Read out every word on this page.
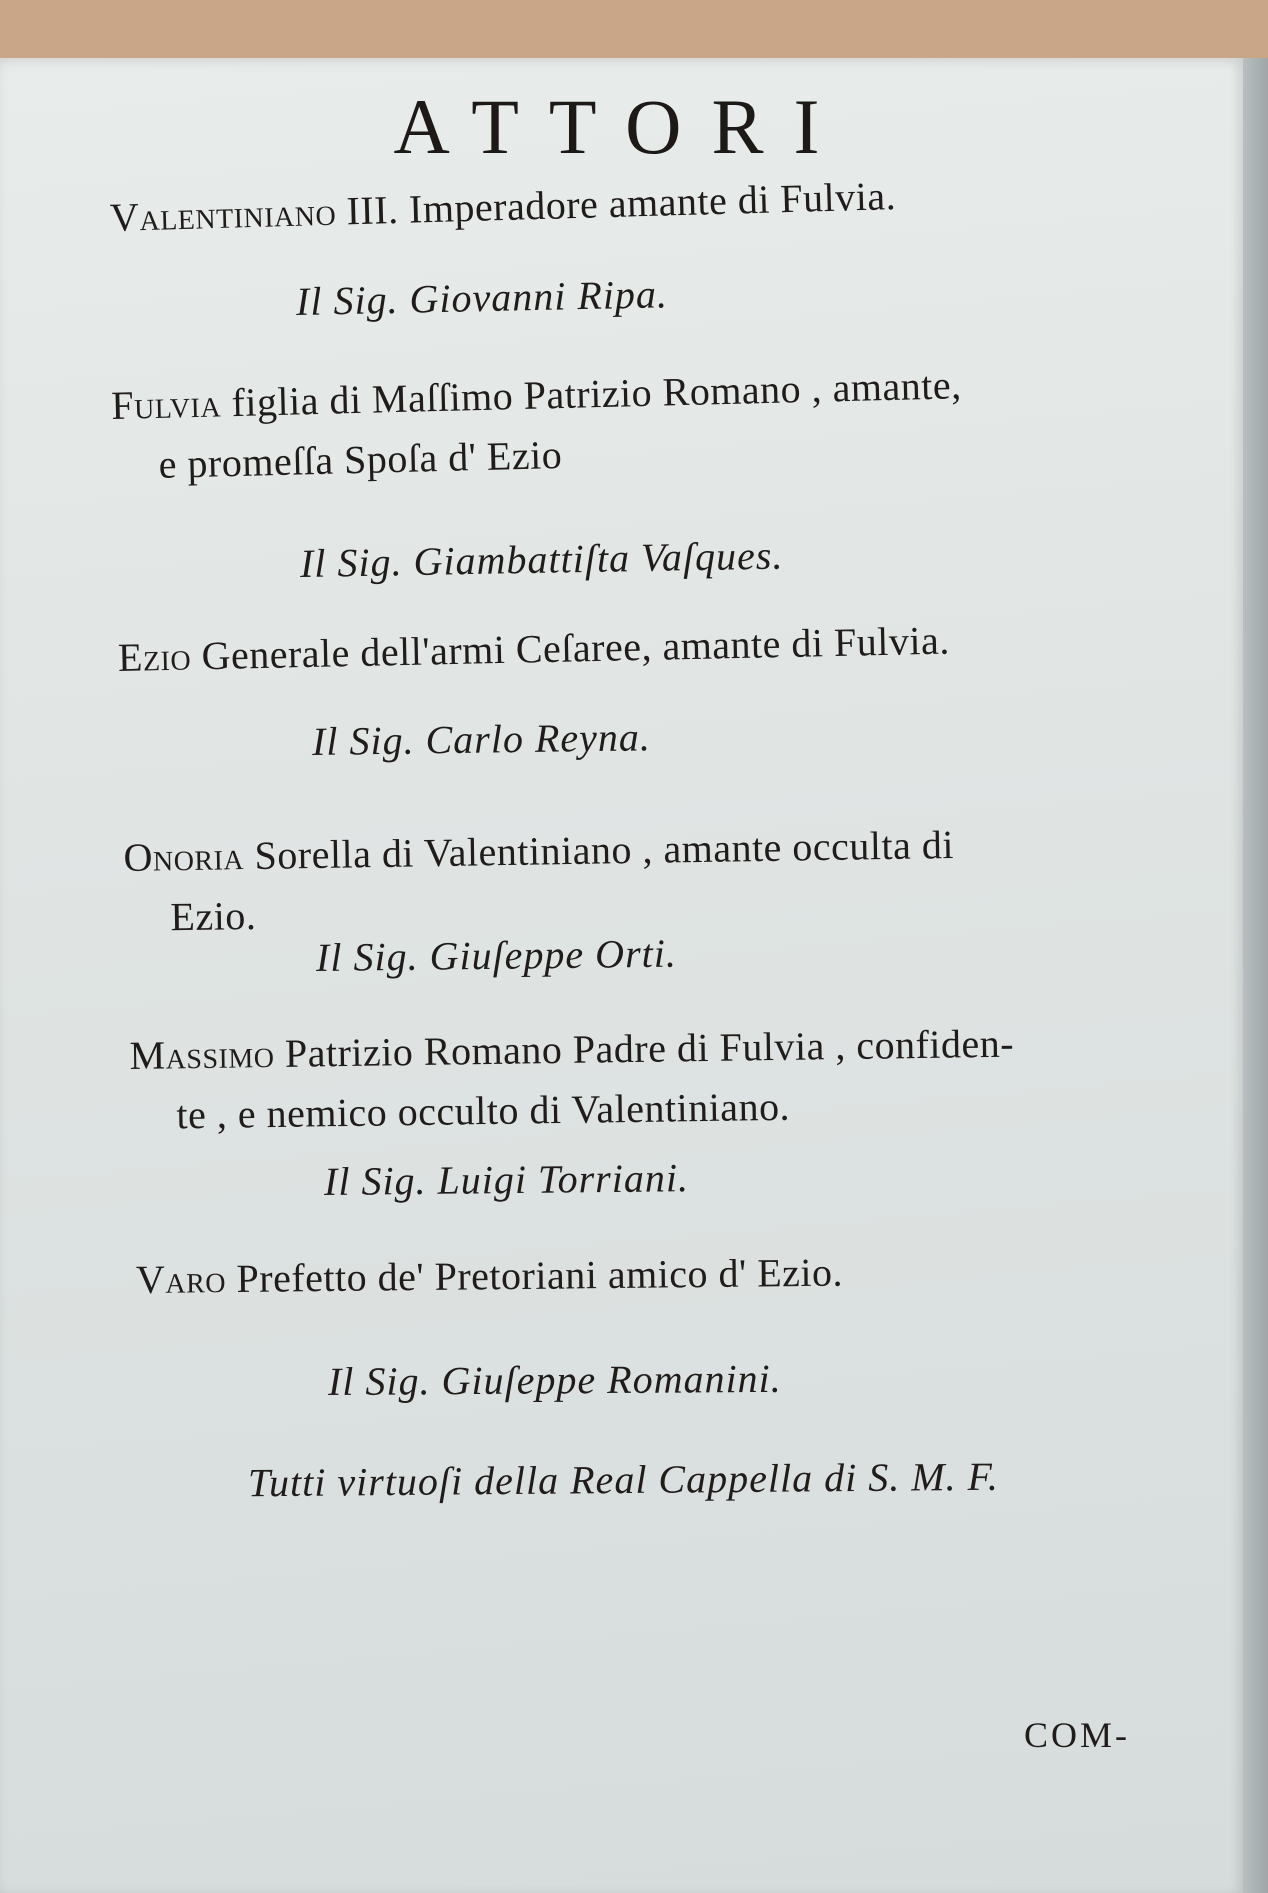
ATTORI
Valentiniano III. Imperadore amante di Fulvia.
Il Sig. Giovanni Ripa.
Fulvia figlia di Maſſimo Patrizio Romano , amante,
e promeſſa Spoſa d' Ezio
Il Sig. Giambattiſta Vaſques.
Ezio Generale dell'armi Ceſaree, amante di Fulvia.
Il Sig. Carlo Reyna.
Onoria Sorella di Valentiniano , amante occulta di
Ezio.
Il Sig. Giuſeppe Orti.
Massimo Patrizio Romano Padre di Fulvia , confiden-
te , e nemico occulto di Valentiniano.
Il Sig. Luigi Torriani.
Varo Prefetto de' Pretoriani amico d' Ezio.
Il Sig. Giuſeppe Romanini.
Tutti virtuoſi della Real Cappella di S. M. F.
COM-
